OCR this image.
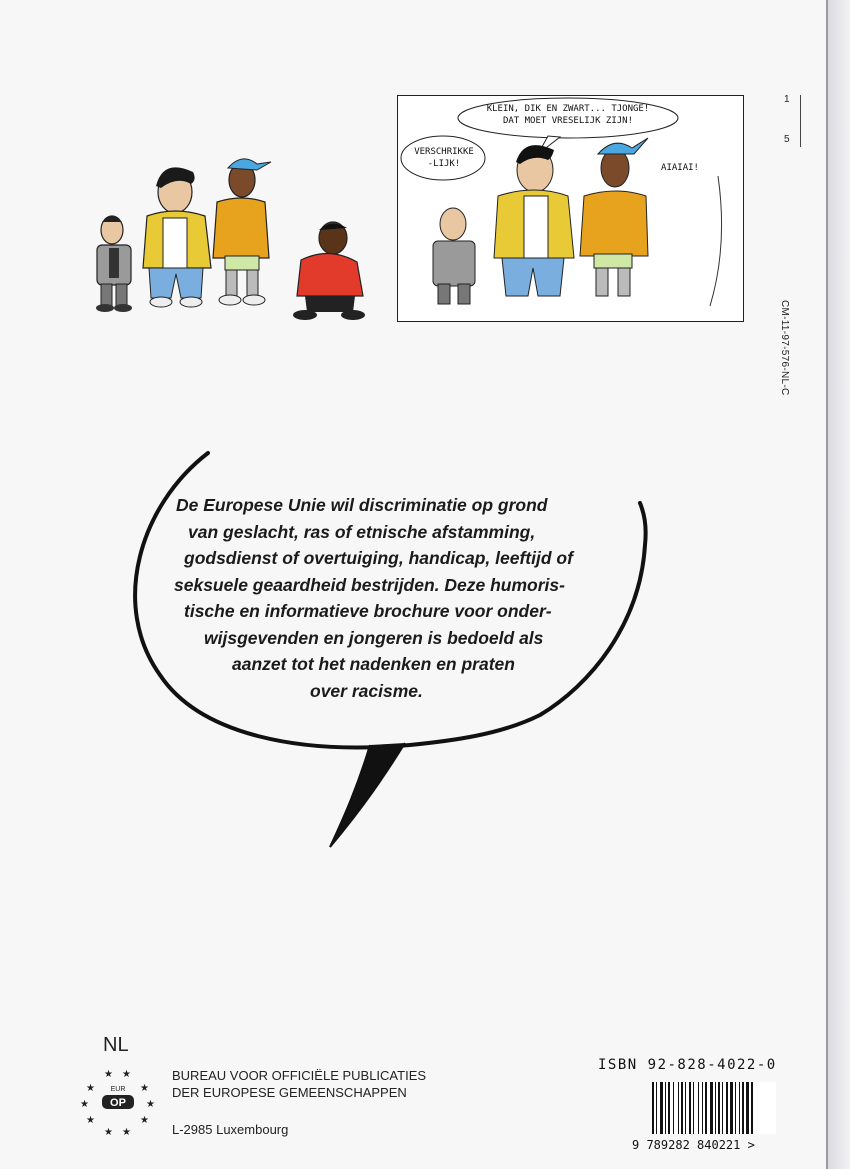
1
5
CM-11-97-576-NL-C
KLEIN, DIK EN ZWART... TJONGE!
DAT MOET VRESELIJK ZIJN!
VERSCHRIKKE
-LIJK!	AIAIAI!
De Europese Unie wil discriminatie op grond
van geslacht, ras of etnische afstamming,
godsdienst of overtuiging, handicap, leeftijd of
seksuele geaardheid bestrijden. Deze humoris-
tische en informatieve brochure voor onder-
wijsgevenden en jongeren is bedoeld als
aanzet tot het nadenken en praten
over racisme.
NL
★ ★
★	★
★	★
★	★
★ ★
EUR
OP
BUREAU VOOR OFFICIËLE PUBLICATIES
DER EUROPESE GEMEENSCHAPPEN
L-2985 Luxembourg
ISBN 92-828-4022-0
9 789282 840221 >
